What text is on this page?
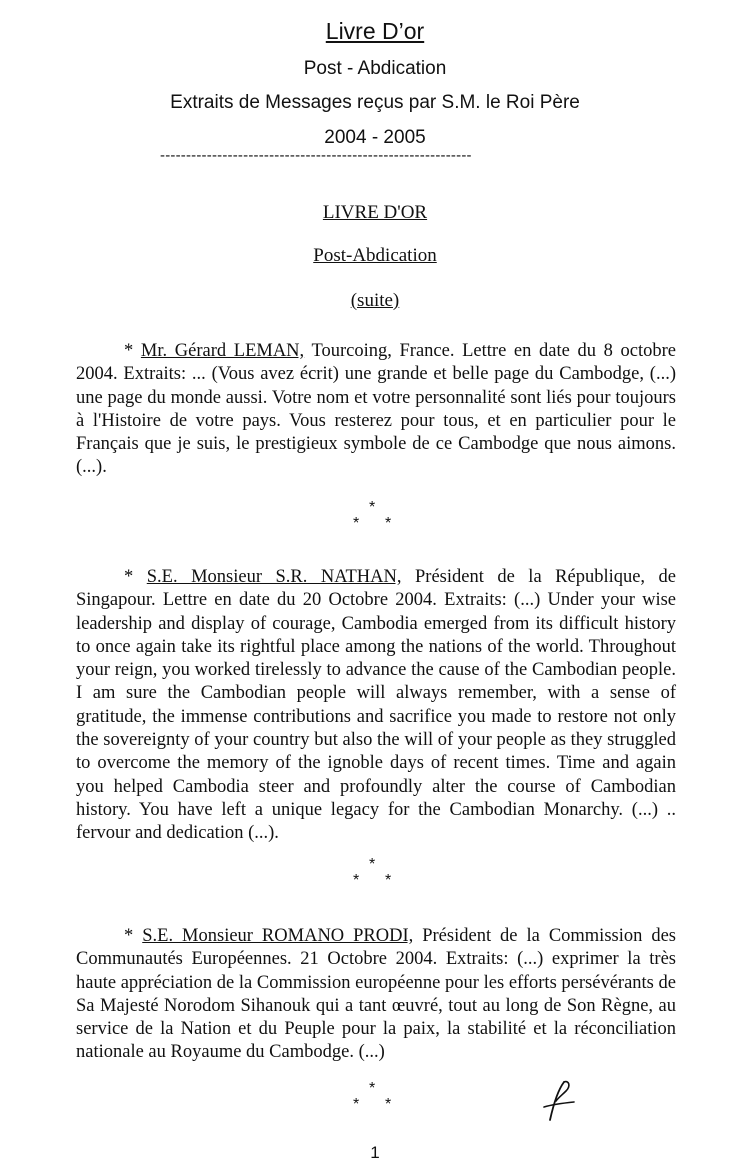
Livre D’or
Post - Abdication
Extraits de Messages reçus par S.M. le Roi Père
2004 - 2005
------------------------------------------------------------
LIVRE D'OR
Post-Abdication
(suite)

* Mr. Gérard LEMAN, Tourcoing, France. Lettre en date du 8 octobre 2004. Extraits: ... (Vous avez écrit) une grande et belle page du Cambodge, (...) une page du monde aussi. Votre nom et votre personnalité sont liés pour toujours à l'Histoire de votre pays. Vous resterez pour tous, et en particulier pour le Français que je suis, le prestigieux symbole de ce Cambodge que nous aimons. (...).

*
* *

* S.E. Monsieur S.R. NATHAN, Président de la République, de Singapour. Lettre en date du 20 Octobre 2004. Extraits: (...) Under your wise leadership and display of courage, Cambodia emerged from its difficult history to once again take its rightful place among the nations of the world. Throughout your reign, you worked tirelessly to advance the cause of the Cambodian people. I am sure the Cambodian people will always remember, with a sense of gratitude, the immense contributions and sacrifice you made to restore not only the sovereignty of your country but also the will of your people as they struggled to overcome the memory of the ignoble days of recent times. Time and again you helped Cambodia steer and profoundly alter the course of Cambodian history. You have left a unique legacy for the Cambodian Monarchy. (...) .. fervour and dedication (...).

*
* *

* S.E. Monsieur ROMANO PRODI, Président de la Commission des Communautés Européennes. 21 Octobre 2004. Extraits: (...) exprimer la très haute appréciation de la Commission européenne pour les efforts persévérants de Sa Majesté Norodom Sihanouk qui a tant œuvré, tout au long de Son Règne, au service de la Nation et du Peuple pour la paix, la stabilité et la réconciliation nationale au Royaume du Cambodge. (...)

*
* *
1
